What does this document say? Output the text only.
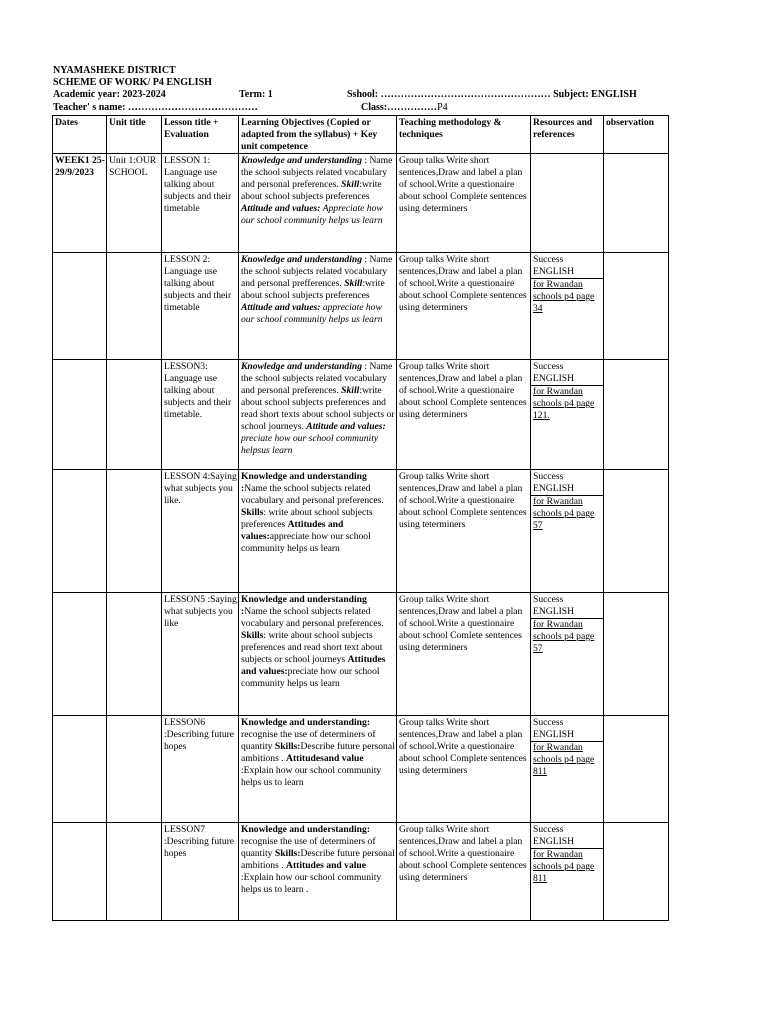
NYAMASHEKE DISTRICT
SCHEME OF WORK/ P4 ENGLISH
Academic year: 2023-2024	Term: 1	Sshool: …………………………………………… Subject: ENGLISH
Teacher' s name: …………………………………	Class:……………P4
Dates	Unit title	Lesson title + Evaluation	Learning Objectives (Copied or adapted from the syllabus) + Key unit competence	Teaching methodology & techniques	Resources and references	observation
WEEK1 25-29/9/2023	Unit 1:OUR SCHOOL	LESSON 1: Language use talking about subjects and their timetable	Knowledge and understanding : Name the school subjects related vocabulary and personal preferences. Skill:write about school subjects preferences Attitude and values: Appreciate how our school community helps us learn	Group talks Write short sentences,Draw and label a plan of school.Write a questionaire about school Complete sentences using determiners		
		LESSON 2: Language use talking about subjects and their timetable	Knowledge and understanding : Name the school subjects related vocabulary and personal prefferences. Skill:write about school subjects preferences Attitude and values: appreciate how our school community helps us learn	Group talks Write short sentences,Draw and label a plan of school.Write a questionaire about school Complete sentences using determiners	Success ENGLISH
for Rwandan schools p4 page 34	

		LESSON3: Language use talking about subjects and their timetable.	Knowledge and understanding : Name the school subjects related vocabulary and personal preferences. Skill:write about school subjects preferences and read short texts about school subjects or school journeys. Attitude and values: preciate how our school community helpsus learn	Group talks Write short sentences,Draw and label a plan of school.Write a questionaire about school Complete sentences using determiners	Success ENGLISH
for Rwandan schools p4 page 121.	

		LESSON 4:Saying what subjects you like.	Knowledge and understanding :Name the school subjects related vocabulary and personal preferences. Skills: write about school subjects preferences Attitudes and values:appreciate how our school community helps us learn	Group talks Write short sentences,Draw and label a plan of school.Write a questionaire about school Complete sentences using teterminers	Success ENGLISH
for Rwandan schools p4 page 57	

		LESSON5 :Saying what subjects you like	Knowledge and understanding :Name the school subjects related vocabulary and personal preferences. Skills: write about school subjects preferences and read short text about subjects or school journeys Attitudes and values:preciate how our school community helps us learn	Group talks Write short sentences,Draw and label a plan of school.Write a questionaire about school Comlete sentences using determiners	Success ENGLISH
for Rwandan schools p4 page 57	

		LESSON6 :Describing future hopes	Knowledge and understanding: recognise the use of determiners of quantity Skills:Describe future personal ambitions . Attitudesand value :Explain how our school community helps us to learn	Group talks Write short sentences,Draw and label a plan of school.Write a questionaire about school Complete sentences using determiners	Success ENGLISH
for Rwandan schools p4 page 811	

		LESSON7 :Describing future hopes	Knowledge and understanding: recognise the use of determiners of quantity Skills:Describe future personal ambitions . Attitudes and value :Explain how our school community helps us to learn .	Group talks Write short sentences,Draw and label a plan of school.Write a questionaire about school Complete sentences using determiners	Success ENGLISH
for Rwandan schools p4 page 811	
